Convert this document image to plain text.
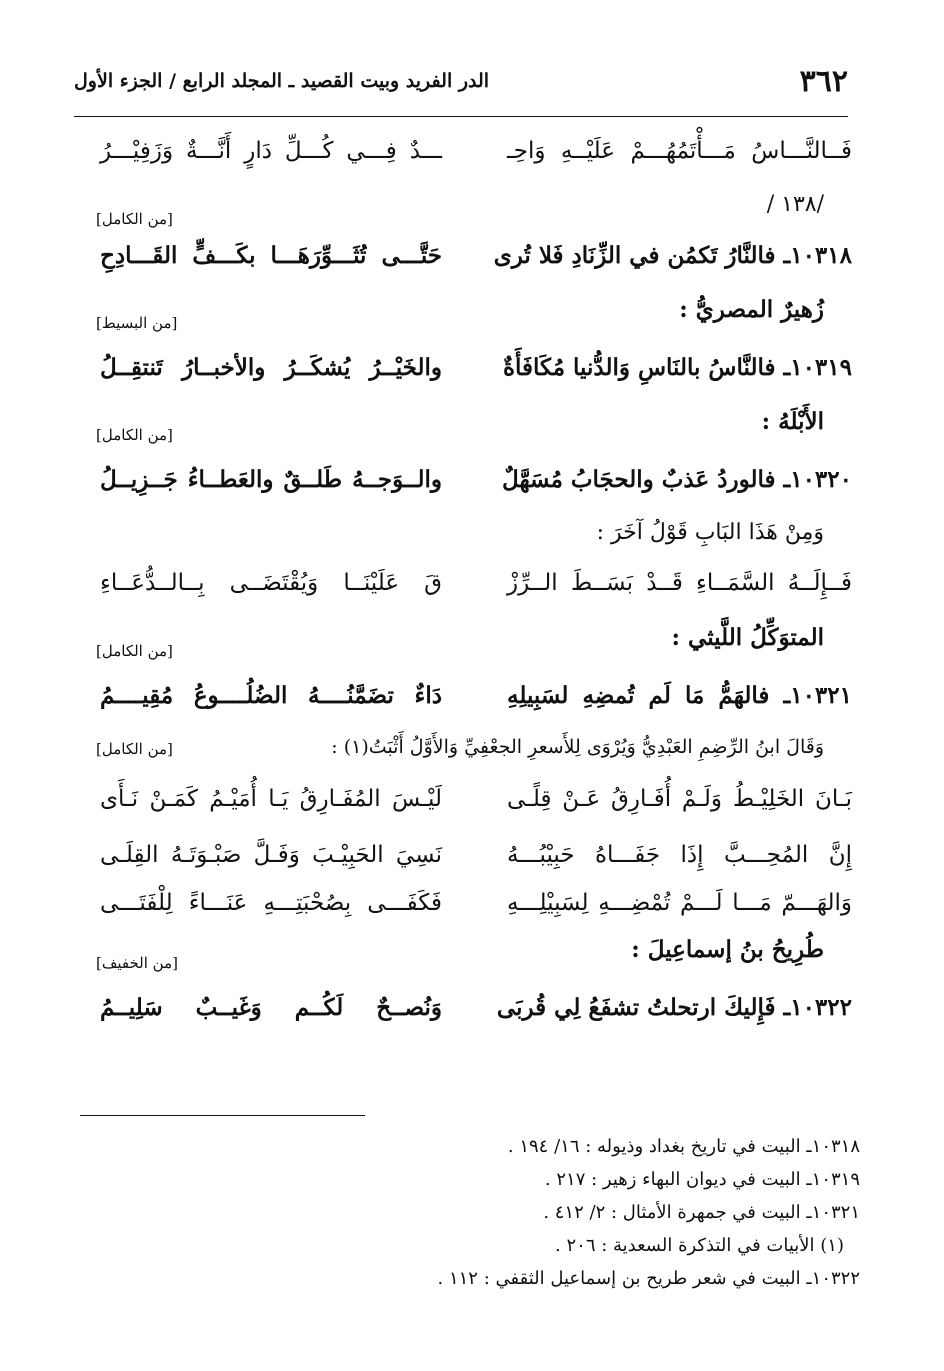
٣٦٢
الدر الفريد وبيت القصيد ـ المجلد الرابع / الجزء الأول
فَــالنَّـــاسُ مَـــأْتَمُهُـــمْ عَلَيْــهِ وَاحِـ
ـــدٌ فِـــي كُـــلِّ دَارٍ أَنَّـــةٌ وَزَفِيْـــرُ
/١٣٨ /
[من الكامل]
١٠٣١٨ـ فالنَّارُ تَكمُن في الزِّنَادِ فَلا تُرى
حَتَّـــى تُثَـــوِّرَهَـــا بكَـــفٍّ القَـــادِحِ
زُهيرٌ المصريُّ :
[من البسيط]
١٠٣١٩ـ فالنَّاسُ بالنَاسِ وَالدُّنيا مُكَافَأَةٌ
والخَيْــرُ يُشكَــرُ والأخبــارُ تَنتقِــلُ
الأَبْلَهُ :
[من الكامل]
١٠٣٢٠ـ فالوردُ عَذبٌ والحجَابُ مُسَهَّلٌ
والــوَجــهُ طَلــقٌ والعَطــاءُ جَــزِيــلُ
وَمِنْ هَذَا البَابِ قَوْلُ آخَرَ :
فَــإِلَــهُ السَّمَــاءِ قَــدْ بَسَــطَ الــرِّزْ
قَ عَلَيْنَــا وَيُقْتَضَــى بِــالــدُّعَــاءِ
المتوَكِّلُ اللَّيثي :
[من الكامل]
١٠٣٢١ـ فالهَمُّ مَا لَم تُمضِهِ لسَبِيلِهِ
دَاءٌ تضَمَّنُــــهُ الضُلُــــوعُ مُقِيــــمُ
وَقَالَ ابنُ الرِّضِمِ العَبْدِيُّ وَيُرْوَى لِلأَسعرِ الجعْفِيِّ وَالأَوَّلُ أَثْبَتُ(١) :
[من الكامل]
بَـانَ الخَلِيْـطُ وَلَـمْ أُفَـارِقُ عَـنْ قِلًـى
لَيْـسَ المُفَـارِقُ يَـا أُمَيْـمُ كَمَـنْ نَـأَى
إِنَّ المُحِـــبَّ إِذَا جَفَـــاهُ حَبِيْبُـــهُ
نَسِيَ الحَبِيْـبَ وَفَـلَّ صَبْـوَتَـهُ القِلَـى
وَالهَـــمّ مَـــا لَـــمْ تُمْضِـــهِ لِسَبِيْلِـــهِ
فَكَفَـــى بِصُحْبَتِـــهِ عَنَـــاءً لِلْفَتَـــى
طُرِيحُ بنُ إسماعِيلَ :
[من الخفيف]
١٠٣٢٢ـ فَإِليكَ ارتحلتُ تشفَعُ لِي قُربَى
وَنُصــحٌ لَكُــم وَغَيــبٌ سَلِيــمُ
١٠٣١٨ـ البيت في تاريخ بغداد وذيوله : ١٦/ ١٩٤ .
١٠٣١٩ـ البيت في ديوان البهاء زهير : ٢١٧ .
١٠٣٢١ـ البيت في جمهرة الأمثال : ٢/ ٤١٢ .
(١) الأبيات في التذكرة السعدية : ٢٠٦ .
١٠٣٢٢ـ البيت في شعر طريح بن إسماعيل الثقفي : ١١٢ .
